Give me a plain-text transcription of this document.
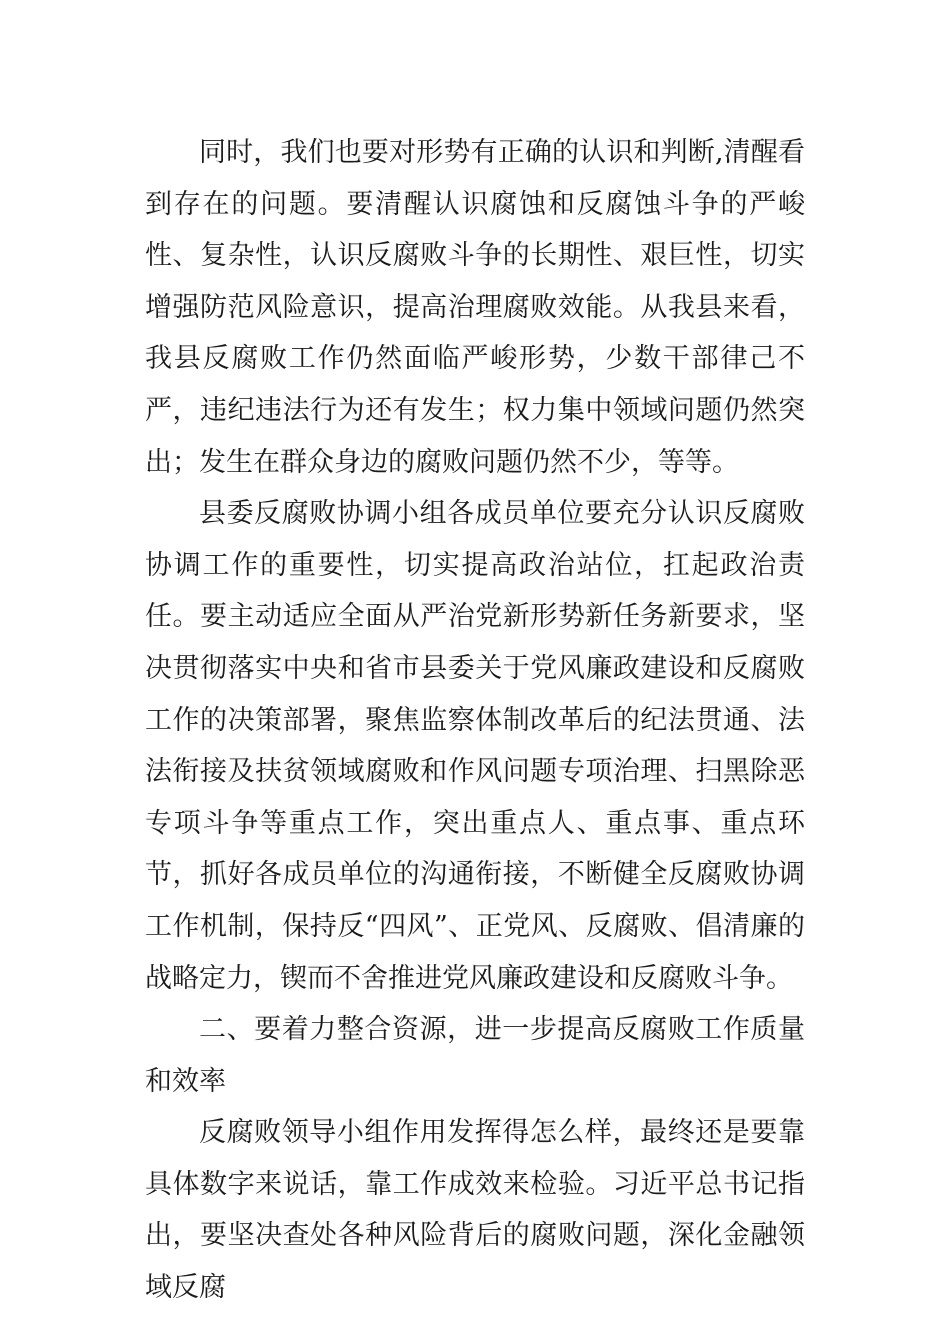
同时，我们也要对形势有正确的认识和判断,清醒看到存在的问题。要清醒认识腐蚀和反腐蚀斗争的严峻性、复杂性，认识反腐败斗争的长期性、艰巨性，切实增强防范风险意识，提高治理腐败效能。从我县来看，我县反腐败工作仍然面临严峻形势，少数干部律己不严，违纪违法行为还有发生；权力集中领域问题仍然突出；发生在群众身边的腐败问题仍然不少，等等。

县委反腐败协调小组各成员单位要充分认识反腐败协调工作的重要性，切实提高政治站位，扛起政治责任。要主动适应全面从严治党新形势新任务新要求，坚决贯彻落实中央和省市县委关于党风廉政建设和反腐败工作的决策部署，聚焦监察体制改革后的纪法贯通、法法衔接及扶贫领域腐败和作风问题专项治理、扫黑除恶专项斗争等重点工作，突出重点人、重点事、重点环节，抓好各成员单位的沟通衔接，不断健全反腐败协调工作机制，保持反“四风”、正党风、反腐败、倡清廉的战略定力，锲而不舍推进党风廉政建设和反腐败斗争。

二、要着力整合资源，进一步提高反腐败工作质量和效率

反腐败领导小组作用发挥得怎么样，最终还是要靠具体数字来说话，靠工作成效来检验。习近平总书记指出，要坚决查处各种风险背后的腐败问题，深化金融领域反腐
